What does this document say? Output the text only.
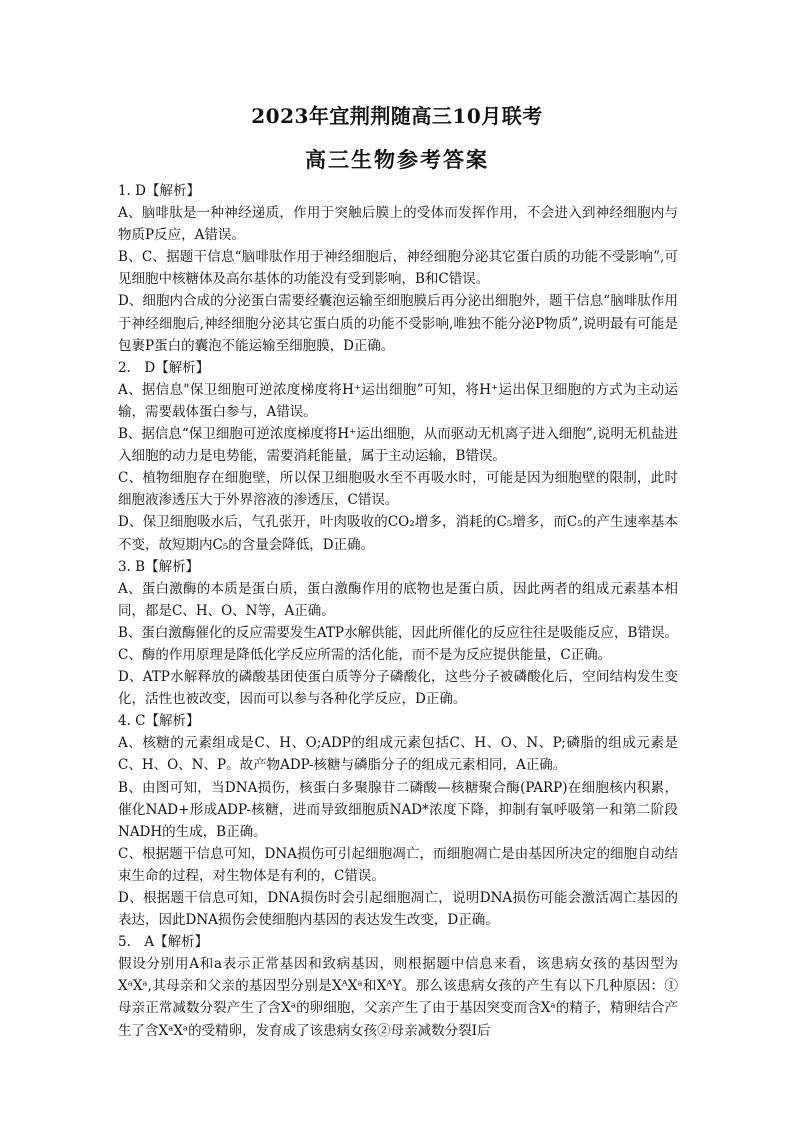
2023年宜荆荆随高三10月联考
高三生物参考答案
1. D【解析】

A、脑啡肽是一种神经递质，作用于突触后膜上的受体而发挥作用，不会进入到神经细胞内与物质P反应，A错误。

B、C、据题干信息“脑啡肽作用于神经细胞后，神经细胞分泌其它蛋白质的功能不受影响”,可见细胞中核糖体及高尔基体的功能没有受到影响，B和C错误。

D、细胞内合成的分泌蛋白需要经囊泡运输至细胞膜后再分泌出细胞外，题干信息“脑啡肽作用于神经细胞后,神经细胞分泌其它蛋白质的功能不受影响,唯独不能分泌P物质”,说明最有可能是包裹P蛋白的囊泡不能运输至细胞膜，D正确。

2.　D【解析】

A、据信息"保卫细胞可逆浓度梯度将H⁺运出细胞”可知，将H⁺运出保卫细胞的方式为主动运输，需要载体蛋白参与，A错误。

B、据信息“保卫细胞可逆浓度梯度将H⁺运出细胞，从而驱动无机离子进入细胞”,说明无机盐进入细胞的动力是电势能，需要消耗能量，属于主动运输，B错误。

C、植物细胞存在细胞壁，所以保卫细胞吸水至不再吸水时，可能是因为细胞壁的限制，此时细胞液渗透压大于外界溶液的渗透压，C错误。

D、保卫细胞吸水后，气孔张开，叶肉吸收的CO₂增多，消耗的C₅增多，而C₅的产生速率基本不变，故短期内C₅的含量会降低，D正确。

3. B【解析】

A、蛋白激酶的本质是蛋白质，蛋白激酶作用的底物也是蛋白质，因此两者的组成元素基本相同，都是C、H、O、N等，A正确。

B、蛋白激酶催化的反应需要发生ATP水解供能，因此所催化的反应往往是吸能反应，B错误。

C、酶的作用原理是降低化学反应所需的活化能，而不是为反应提供能量，C正确。

D、ATP水解释放的磷酸基团使蛋白质等分子磷酸化，这些分子被磷酸化后，空间结构发生变化，活性也被改变，因而可以参与各种化学反应，D正确。

4. C【解析】

A、核糖的元素组成是C、H、O;ADP的组成元素包括C、H、O、N、P;磷脂的组成元素是C、H、O、N、P。故产物ADP-核糖与磷脂分子的组成元素相同，A正确。

B、由图可知，当DNA损伤，核蛋白多聚腺苷二磷酸—核糖聚合酶(PARP)在细胞核内积累，催化NAD+形成ADP-核糖，进而导致细胞质NAD*浓度下降，抑制有氧呼吸第一和第二阶段NADH的生成，B正确。

C、根据题干信息可知，DNA损伤可引起细胞凋亡，而细胞凋亡是由基因所决定的细胞自动结束生命的过程，对生物体是有利的，C错误。

D、根据题干信息可知，DNA损伤时会引起细胞凋亡，说明DNA损伤可能会激活凋亡基因的表达，因此DNA损伤会使细胞内基因的表达发生改变，D正确。

5.　A【解析】

假设分别用A和a表示正常基因和致病基因，则根据题中信息来看，该患病女孩的基因型为XᵃXᵃ,其母亲和父亲的基因型分别是XᴬXᵃ和XᴬY。那么该患病女孩的产生有以下几种原因：①母亲正常减数分裂产生了含Xᵃ的卵细胞，父亲产生了由于基因突变而含Xᵃ的精子，精卵结合产生了含XᵃXᵃ的受精卵，发育成了该患病女孩②母亲减数分裂I后
